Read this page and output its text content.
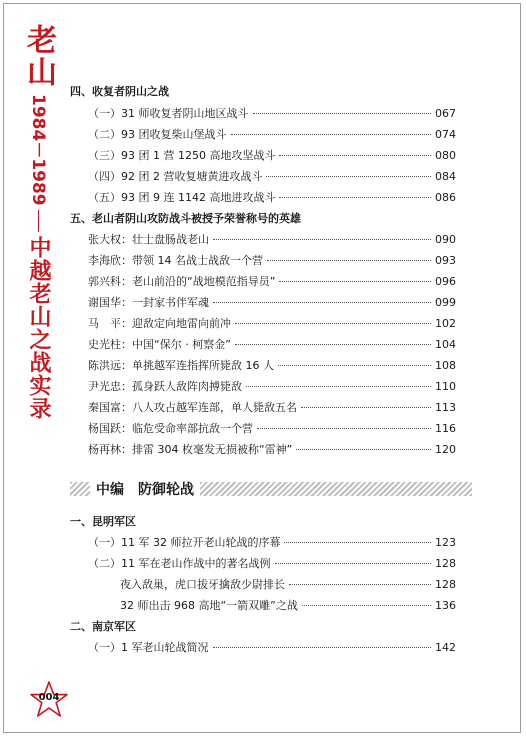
老山
1984－1989
中越老山之战实录
四、收复者阴山之战
（一）31 师收复者阴山地区战斗	067
（二）93 团收复柴山堡战斗	074
（三）93 团 1 营 1250 高地攻坚战斗	080
（四）92 团 2 营收复塘黄进攻战斗	084
（五）93 团 9 连 1142 高地进攻战斗	086
五、老山者阴山攻防战斗被授予荣誉称号的英雄
张大权：壮士盘肠战老山	090
李海欣：带领 14 名战士战敌一个营	093
郭兴科：老山前沿的“战地模范指导员”	096
谢国华：一封家书伴军魂	099
马　平：迎敌定向地雷向前冲	102
史光柱：中国“保尔 · 柯察金”	104
陈洪远：单挑越军连指挥所毙敌 16 人	108
尹光忠：孤身跃人敌阵肉搏毙敌	110
秦国富：八人攻占越军连部，单人毙敌五名	113
杨国跃：临危受命率部抗敌一个营	116
杨再林：排雷 304 枚毫发无损被称“雷神”	120
中编　防御轮战
一、昆明军区
（一）11 军 32 师拉开老山轮战的序幕	123
（二）11 军在老山作战中的著名战例	128
夜入敌巢，虎口拔牙擒敌少尉排长	128
32 师出击 968 高地“一箭双雕”之战	136
二、南京军区
（一）1 军老山轮战简况	142
004
